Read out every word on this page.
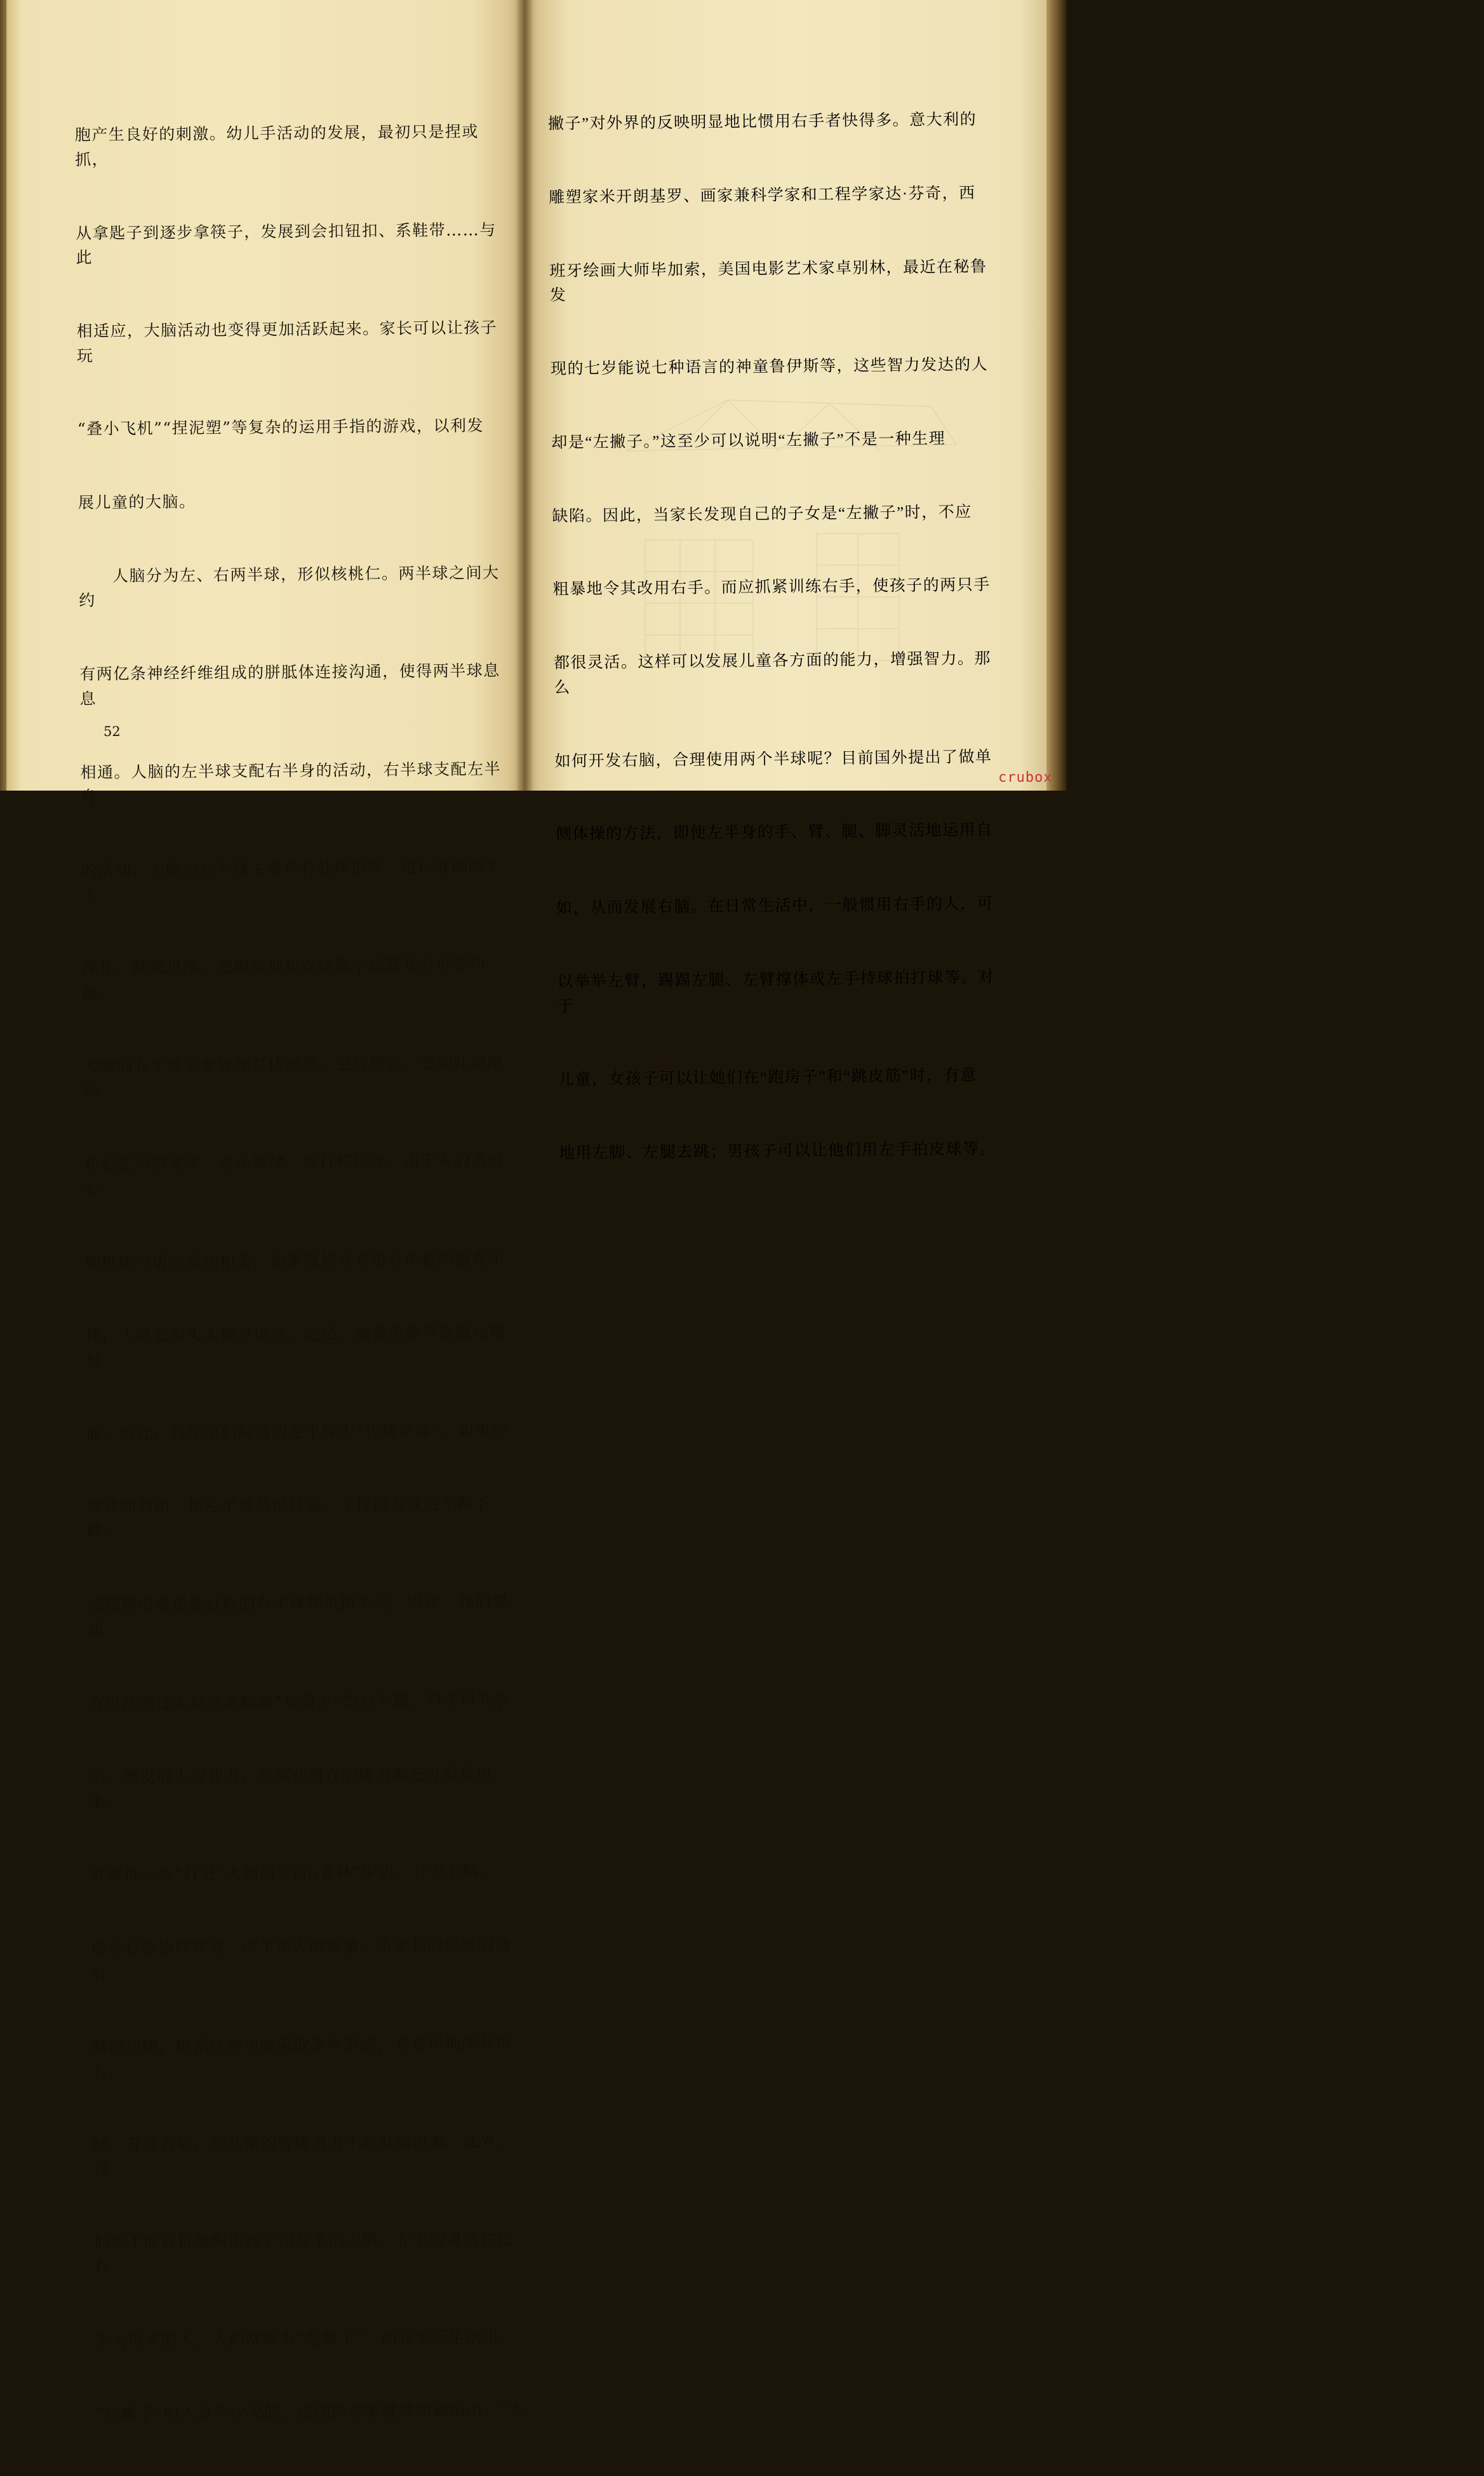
胞产生良好的刺激。幼儿手活动的发展，最初只是捏或抓，

从拿匙子到逐步拿筷子，发展到会扣钮扣、系鞋带……与此

相适应，大脑活动也变得更加活跃起来。家长可以让孩子玩

“叠小飞机”“捏泥塑”等复杂的运用手指的游戏，以利发

展儿童的大脑。

　　人脑分为左、右两半球，形似核桃仁。两半球之间大约

有两亿条神经纤维组成的胼胝体连接沟通，使得两半球息息

相通。人脑的左半球支配右半身的活动，右半球支配左半身

的活动。大脑的左半球主要具有处理语言、进行准确的手工

操作、抽象思维、逻辑推理和连续数字运算及分析等功能。

大脑的右半球主要处理总体形象、空间概念、鉴别几何图形

和记忆识别文字、音乐旋律、进行模仿等。由于人的高级心

理机能与语言密切相关，如果除掉具有语言中枢的脑左半

球，人就会丧失大部分语言、记忆、抽象思维等高级心理机

能。因此，科学家们称脑的左半球为“优势半球”。如果经

常片面利用，使左半球负担过重，工作能力就会不断下降。

而管理形象思维过程的右半球却负担不足。因此，我们要想

方设法通过大自然来刺激“有潜力”的右半脑。科学研究表

明，要发展人的智力，使那些潜在的能力都充分发挥出来，

就要进一步“打进”大脑的“深山老林”中去，开发右脑，

使左右脑协同作战，产生更大的能量。当家长的应当明确右

脑的功能，根据这种功能采取多种形式，有意识地多利用右

脑，开发右脑，使儿童的智能潜力不断发掘出来。此外，我

们也不能盲目地纠正孩子用左手的习惯。左手的灵活性比右

手大得多的人，人们常称为“左撇子”。而在实际生活中，

“左撇子”的人是不少见的。法国医学家就曾明确指出：“左

52	53

撇子”对外界的反映明显地比惯用右手者快得多。意大利的

雕塑家米开朗基罗、画家兼科学家和工程学家达·芬奇，西

班牙绘画大师毕加索，美国电影艺术家卓别林，最近在秘鲁发

现的七岁能说七种语言的神童鲁伊斯等，这些智力发达的人

却是“左撇子。”这至少可以说明“左撇子”不是一种生理

缺陷。因此，当家长发现自己的子女是“左撇子”时，不应

粗暴地令其改用右手。而应抓紧训练右手，使孩子的两只手

都很灵活。这样可以发展儿童各方面的能力，增强智力。那么

如何开发右脑，合理使用两个半球呢？目前国外提出了做单

侧体操的方法，即使左半身的手、臂、腿、脚灵活地运用自

如，从而发展右脑。在日常生活中，一般惯用右手的人，可

以举举左臂，踢踢左腿、左臂撑体或左手持球拍打球等。对于

儿童，女孩子可以让她们在“跑房子”和“跳皮筋”时，有意

地用左脚、左腿去跳；男孩子可以让他们用左手拍皮球等。

crubox
